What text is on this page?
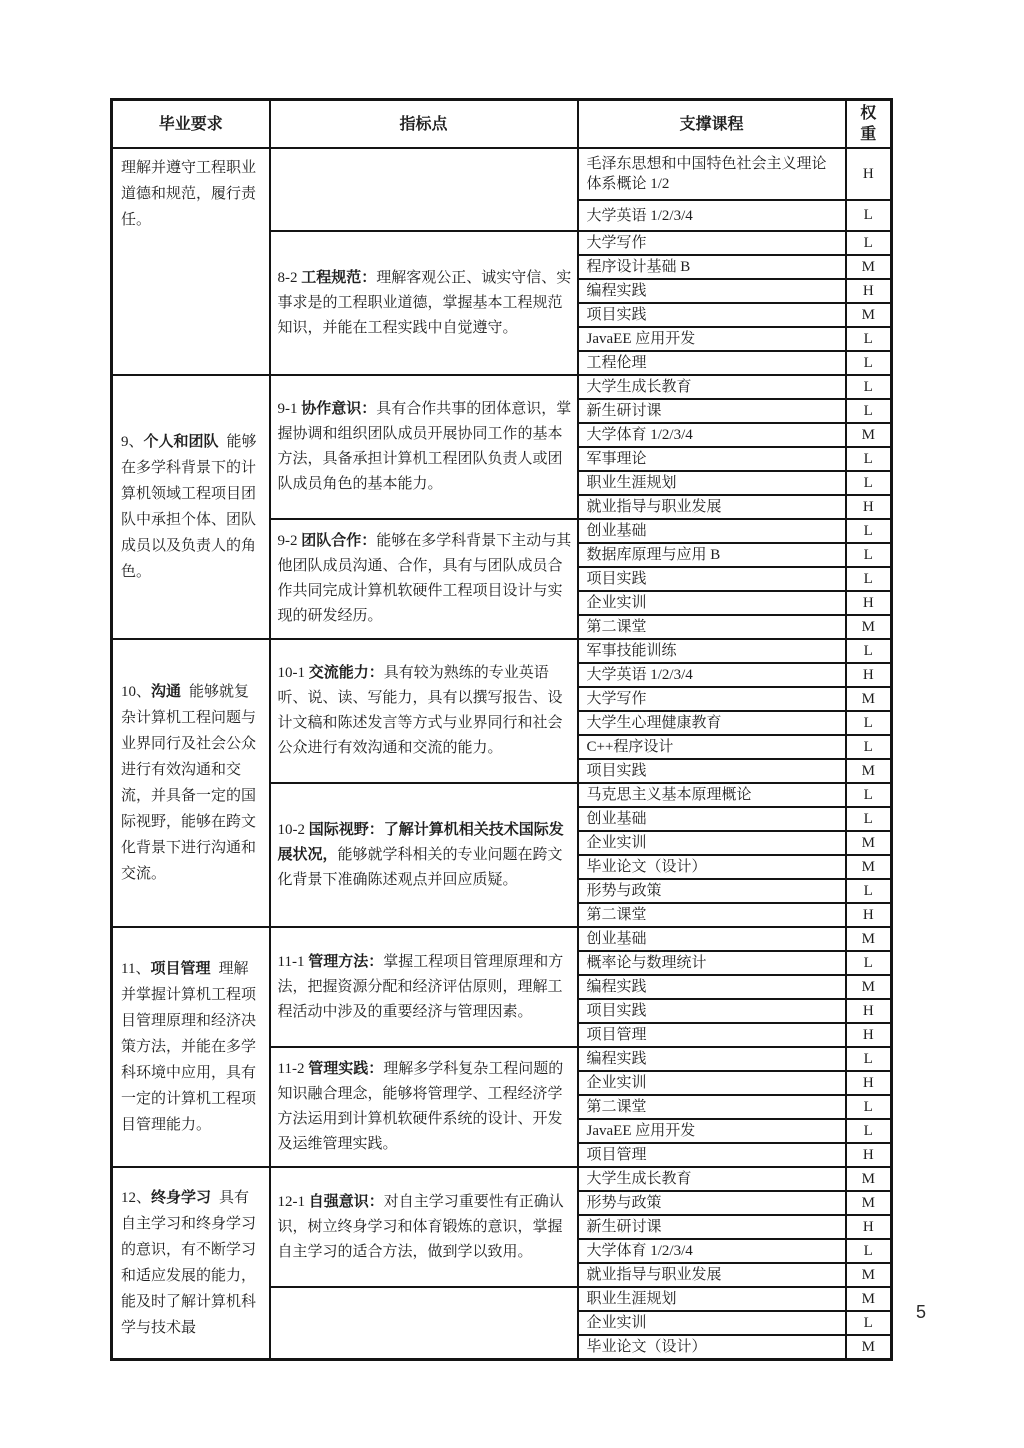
毕业要求	指标点	支撑课程	权重
理解并遵守工程职业道德和规范，履行责任。		毛泽东思想和中国特色社会主义理论体系概论 1/2	H
		大学英语 1/2/3/4	L
	8-2 工程规范：理解客观公正、诚实守信、实事求是的工程职业道德，掌握基本工程规范知识，并能在工程实践中自觉遵守。	大学写作	L
		程序设计基础 B	M
		编程实践	H
		项目实践	M
		JavaEE 应用开发	L
		工程伦理	L
9、个人和团队 能够在多学科背景下的计算机领域工程项目团队中承担个体、团队成员以及负责人的角色。	9-1 协作意识：具有合作共事的团体意识，掌握协调和组织团队成员开展协同工作的基本方法，具备承担计算机工程团队负责人或团队成员角色的基本能力。	大学生成长教育	L
		新生研讨课	L
		大学体育 1/2/3/4	M
		军事理论	L
		职业生涯规划	L
		就业指导与职业发展	H
	9-2 团队合作：能够在多学科背景下主动与其他团队成员沟通、合作，具有与团队成员合作共同完成计算机软硬件工程项目设计与实现的研发经历。	创业基础	L
		数据库原理与应用 B	L
		项目实践	L
		企业实训	H
		第二课堂	M
10、沟通 能够就复杂计算机工程问题与业界同行及社会公众进行有效沟通和交流，并具备一定的国际视野，能够在跨文化背景下进行沟通和交流。	10-1 交流能力：具有较为熟练的专业英语听、说、读、写能力，具有以撰写报告、设计文稿和陈述发言等方式与业界同行和社会公众进行有效沟通和交流的能力。	军事技能训练	L
		大学英语 1/2/3/4	H
		大学写作	M
		大学生心理健康教育	L
		C++程序设计	L
		项目实践	M
	10-2 国际视野：了解计算机相关技术国际发展状况，能够就学科相关的专业问题在跨文化背景下准确陈述观点并回应质疑。	马克思主义基本原理概论	L
		创业基础	L
		企业实训	M
		毕业论文（设计）	M
		形势与政策	L
		第二课堂	H
11、项目管理 理解并掌握计算机工程项目管理原理和经济决策方法，并能在多学科环境中应用，具有一定的计算机工程项目管理能力。	11-1 管理方法：掌握工程项目管理原理和方法，把握资源分配和经济评估原则，理解工程活动中涉及的重要经济与管理因素。	创业基础	M
		概率论与数理统计	L
		编程实践	M
		项目实践	H
		项目管理	H
	11-2 管理实践：理解多学科复杂工程问题的知识融合理念，能够将管理学、工程经济学方法运用到计算机软硬件系统的设计、开发及运维管理实践。	编程实践	L
		企业实训	H
		第二课堂	L
		JavaEE 应用开发	L
		项目管理	H
12、终身学习 具有自主学习和终身学习的意识，有不断学习和适应发展的能力，能及时了解计算机科学与技术最	12-1 自强意识：对自主学习重要性有正确认识，树立终身学习和体育锻炼的意识，掌握自主学习的适合方法，做到学以致用。	大学生成长教育	M
		形势与政策	M
		新生研讨课	H
		大学体育 1/2/3/4	L
		就业指导与职业发展	M
		职业生涯规划	M
		企业实训	L
		毕业论文（设计）	M
5
